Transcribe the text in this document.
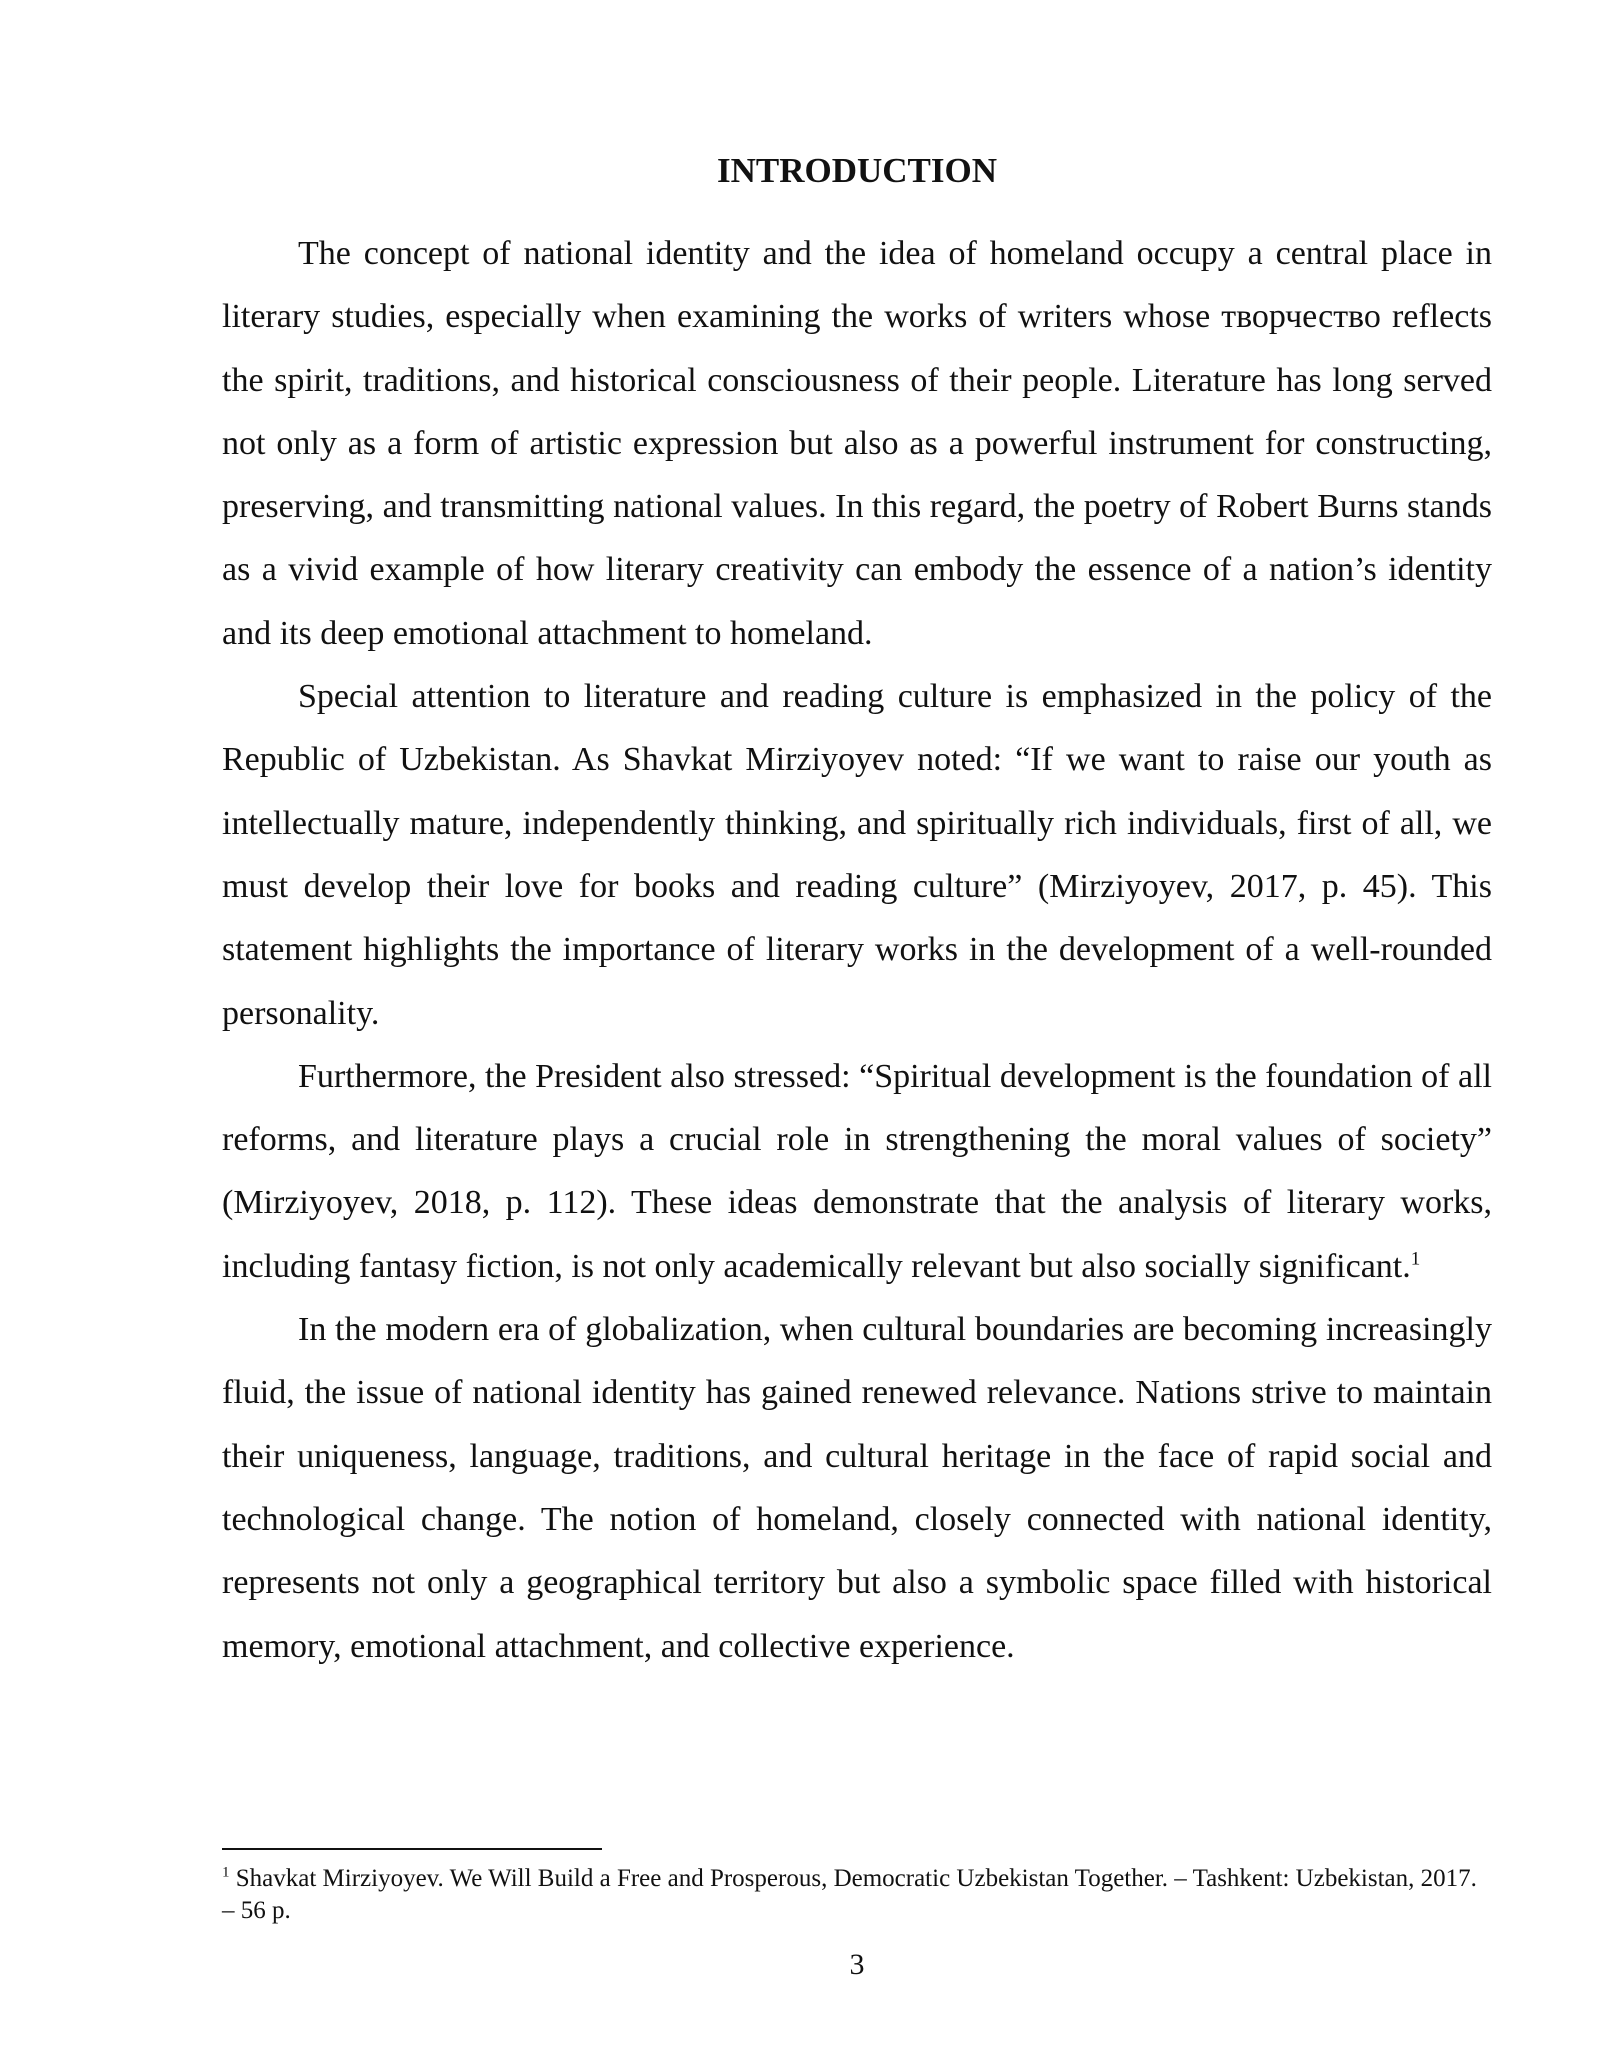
INTRODUCTION

The concept of national identity and the idea of homeland occupy a central place in literary studies, especially when examining the works of writers whose творчество reflects the spirit, traditions, and historical consciousness of their people. Literature has long served not only as a form of artistic expression but also as a powerful instrument for constructing, preserving, and transmitting national values. In this regard, the poetry of Robert Burns stands as a vivid example of how literary creativity can embody the essence of a nation’s identity and its deep emotional attachment to homeland.

Special attention to literature and reading culture is emphasized in the policy of the Republic of Uzbekistan. As Shavkat Mirziyoyev noted: “If we want to raise our youth as intellectually mature, independently thinking, and spiritually rich individuals, first of all, we must develop their love for books and reading culture” (Mirziyoyev, 2017, p. 45). This statement highlights the importance of literary works in the development of a well-rounded personality.

Furthermore, the President also stressed: “Spiritual development is the foundation of all reforms, and literature plays a crucial role in strengthening the moral values of society” (Mirziyoyev, 2018, p. 112). These ideas demonstrate that the analysis of literary works, including fantasy fiction, is not only academically relevant but also socially significant.$^1$

In the modern era of globalization, when cultural boundaries are becoming increasingly fluid, the issue of national identity has gained renewed relevance. Nations strive to maintain their uniqueness, language, traditions, and cultural heritage in the face of rapid social and technological change. The notion of homeland, closely connected with national identity, represents not only a geographical territory but also a symbolic space filled with historical memory, emotional attachment, and collective experience.

$^1$ Shavkat Mirziyoyev. We Will Build a Free and Prosperous, Democratic Uzbekistan Together. – Tashkent: Uzbekistan, 2017. – 56 p.

3
